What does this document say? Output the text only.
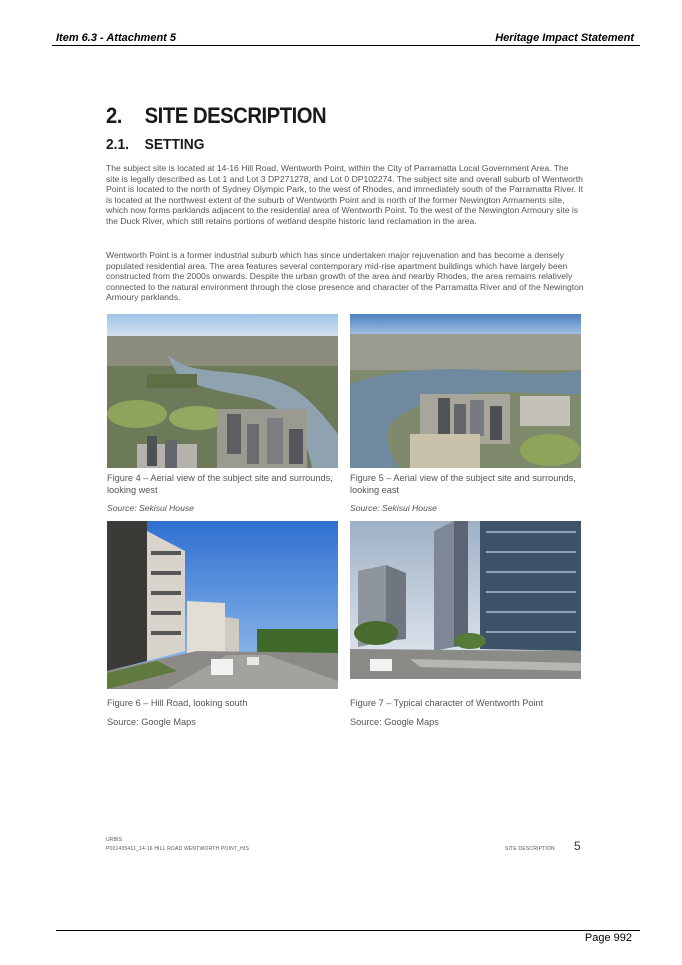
Item 6.3 - Attachment 5	Heritage Impact Statement
2. SITE DESCRIPTION
2.1. SETTING
The subject site is located at 14-16 Hill Road, Wentworth Point, within the City of Parramatta Local Government Area. The site is legally described as Lot 1 and Lot 3 DP271278, and Lot 0 DP102274. The subject site and overall suburb of Wentworth Point is located to the north of Sydney Olympic Park, to the west of Rhodes, and immediately south of the Parramatta River. It is located at the northwest extent of the suburb of Wentworth Point and is north of the former Newington Armaments site, which now forms parklands adjacent to the residential area of Wentworth Point. To the west of the Newington Armoury site is the Duck River, which still retains portions of wetland despite historic land reclamation in the area.
Wentworth Point is a former industrial suburb which has since undertaken major rejuvenation and has become a densely populated residential area. The area features several contemporary mid-rise apartment buildings which have largely been constructed from the 2000s onwards. Despite the urban growth of the area and nearby Rhodes, the area remains relatively connected to the natural environment through the close presence and character of the Parramatta River and of the Newington Armoury parklands.
Figure 4 – Aerial view of the subject site and surrounds, looking west
Source: Sekisui House
Figure 5 – Aerial view of the subject site and surrounds, looking east
Source: Sekisui House
Figure 6 – Hill Road, looking south
Source: Google Maps
Figure 7 – Typical character of Wentworth Point
Source: Google Maps
URBIS
P0014354​11_14-16 HILL ROAD WENTWORTH POINT_HIS	SITE DESCRIPTION 5
Page 992
